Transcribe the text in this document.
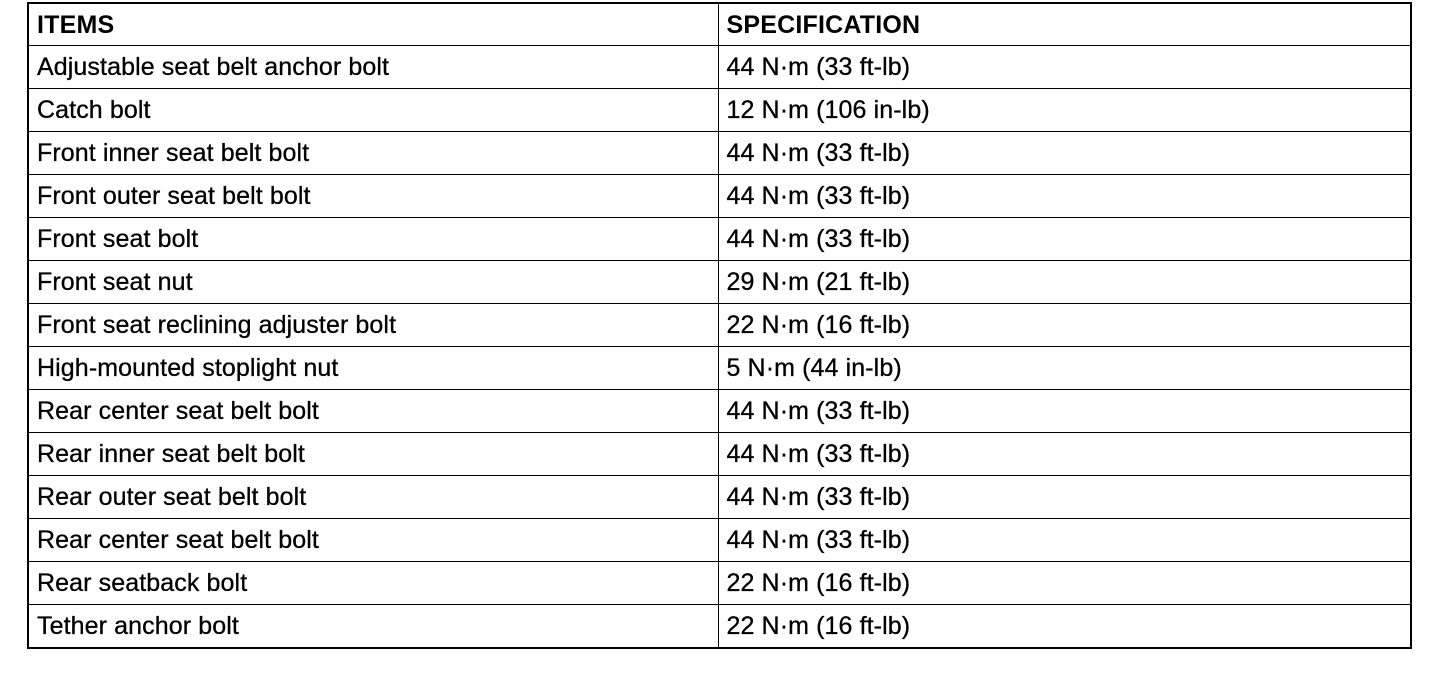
ITEMS	SPECIFICATION
Adjustable seat belt anchor bolt	44 N·m (33 ft-lb)
Catch bolt	12 N·m (106 in-lb)
Front inner seat belt bolt	44 N·m (33 ft-lb)
Front outer seat belt bolt	44 N·m (33 ft-lb)
Front seat bolt	44 N·m (33 ft-lb)
Front seat nut	29 N·m (21 ft-lb)
Front seat reclining adjuster bolt	22 N·m (16 ft-lb)
High-mounted stoplight nut	5 N·m (44 in-lb)
Rear center seat belt bolt	44 N·m (33 ft-lb)
Rear inner seat belt bolt	44 N·m (33 ft-lb)
Rear outer seat belt bolt	44 N·m (33 ft-lb)
Rear center seat belt bolt	44 N·m (33 ft-lb)
Rear seatback bolt	22 N·m (16 ft-lb)
Tether anchor bolt	22 N·m (16 ft-lb)
